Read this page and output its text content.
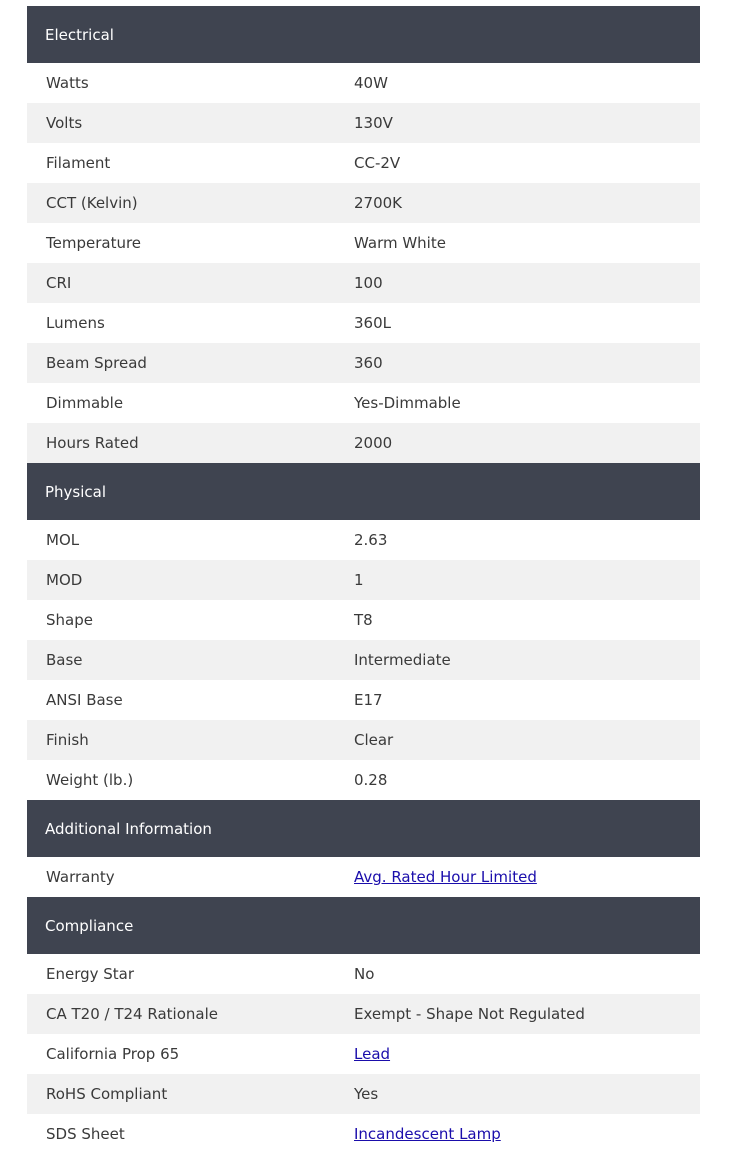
Electrical
Watts	40W
Volts	130V
Filament	CC-2V
CCT (Kelvin)	2700K
Temperature	Warm White
CRI	100
Lumens	360L
Beam Spread	360
Dimmable	Yes-Dimmable
Hours Rated	2000
Physical
MOL	2.63
MOD	1
Shape	T8
Base	Intermediate
ANSI Base	E17
Finish	Clear
Weight (lb.)	0.28
Additional Information
Warranty	Avg. Rated Hour Limited
Compliance
Energy Star	No
CA T20 / T24 Rationale	Exempt - Shape Not Regulated
California Prop 65	Lead
RoHS Compliant	Yes
SDS Sheet	Incandescent Lamp
